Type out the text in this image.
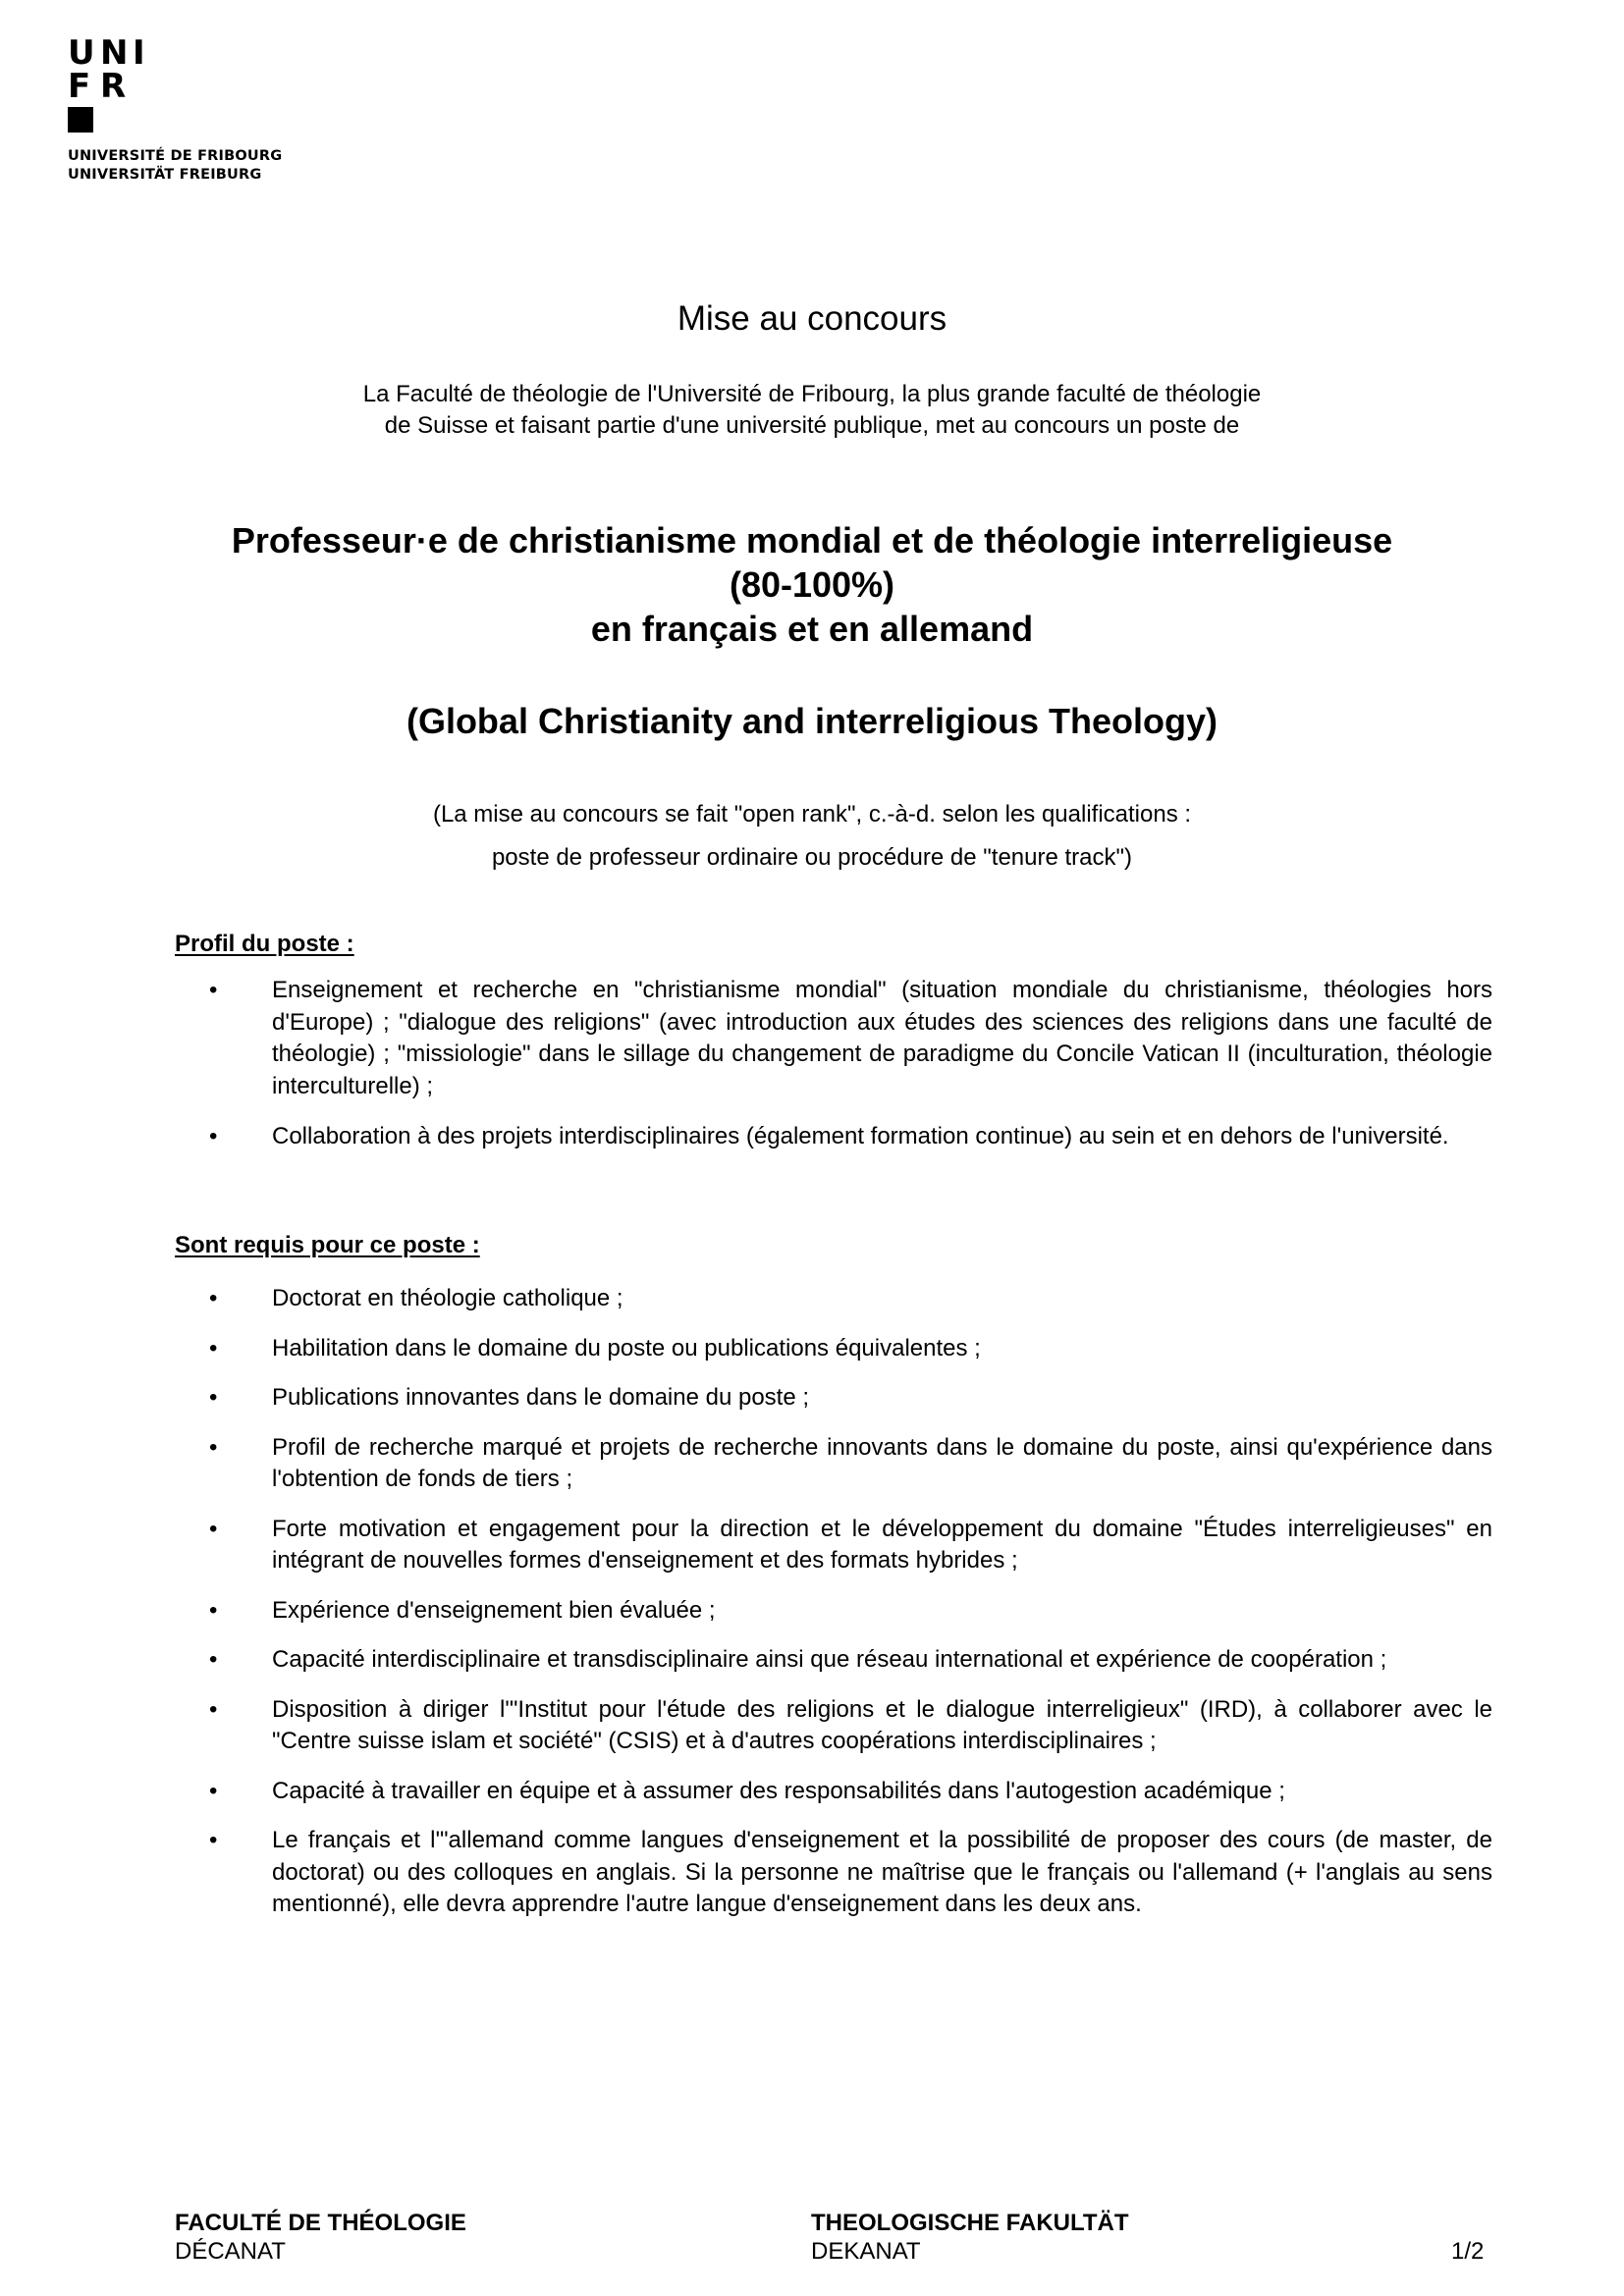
U N I
F R
UNIVERSITÉ DE FRIBOURG
UNIVERSITÄT FREIBURG
Mise au concours
La Faculté de théologie de l'Université de Fribourg, la plus grande faculté de théologie
de Suisse et faisant partie d'une université publique, met au concours un poste de
Professeur·e de christianisme mondial et de théologie interreligieuse
(80-100%)
en français et en allemand
(Global Christianity and interreligious Theology)
(La mise au concours se fait "open rank", c.-à-d. selon les qualifications :
poste de professeur ordinaire ou procédure de "tenure track")
Profil du poste :
• Enseignement et recherche en "christianisme mondial" (situation mondiale du christianisme, théologies hors d'Europe) ; "dialogue des religions" (avec introduction aux études des sciences des religions dans une faculté de théologie) ; "missiologie" dans le sillage du changement de paradigme du Concile Vatican II (inculturation, théologie interculturelle) ;
• Collaboration à des projets interdisciplinaires (également formation continue) au sein et en dehors de l'université.
Sont requis pour ce poste :
• Doctorat en théologie catholique ;
• Habilitation dans le domaine du poste ou publications équivalentes ;
• Publications innovantes dans le domaine du poste ;
• Profil de recherche marqué et projets de recherche innovants dans le domaine du poste, ainsi qu'expérience dans l'obtention de fonds de tiers ;
• Forte motivation et engagement pour la direction et le développement du domaine "Études interreligieuses" en intégrant de nouvelles formes d'enseignement et des formats hybrides ;
• Expérience d'enseignement bien évaluée ;
• Capacité interdisciplinaire et transdisciplinaire ainsi que réseau international et expérience de coopération ;
• Disposition à diriger l'"Institut pour l'étude des religions et le dialogue interreligieux" (IRD), à collaborer avec le "Centre suisse islam et société" (CSIS) et à d'autres coopérations interdisciplinaires ;
• Capacité à travailler en équipe et à assumer des responsabilités dans l'autogestion académique ;
• Le français et l'"allemand comme langues d'enseignement et la possibilité de proposer des cours (de master, de doctorat) ou des colloques en anglais. Si la personne ne maîtrise que le français ou l'allemand (+ l'anglais au sens mentionné), elle devra apprendre l'autre langue d'enseignement dans les deux ans.
FACULTÉ DE THÉOLOGIE
DÉCANAT
THEOLOGISCHE FAKULTÄT
DEKANAT	1/2
